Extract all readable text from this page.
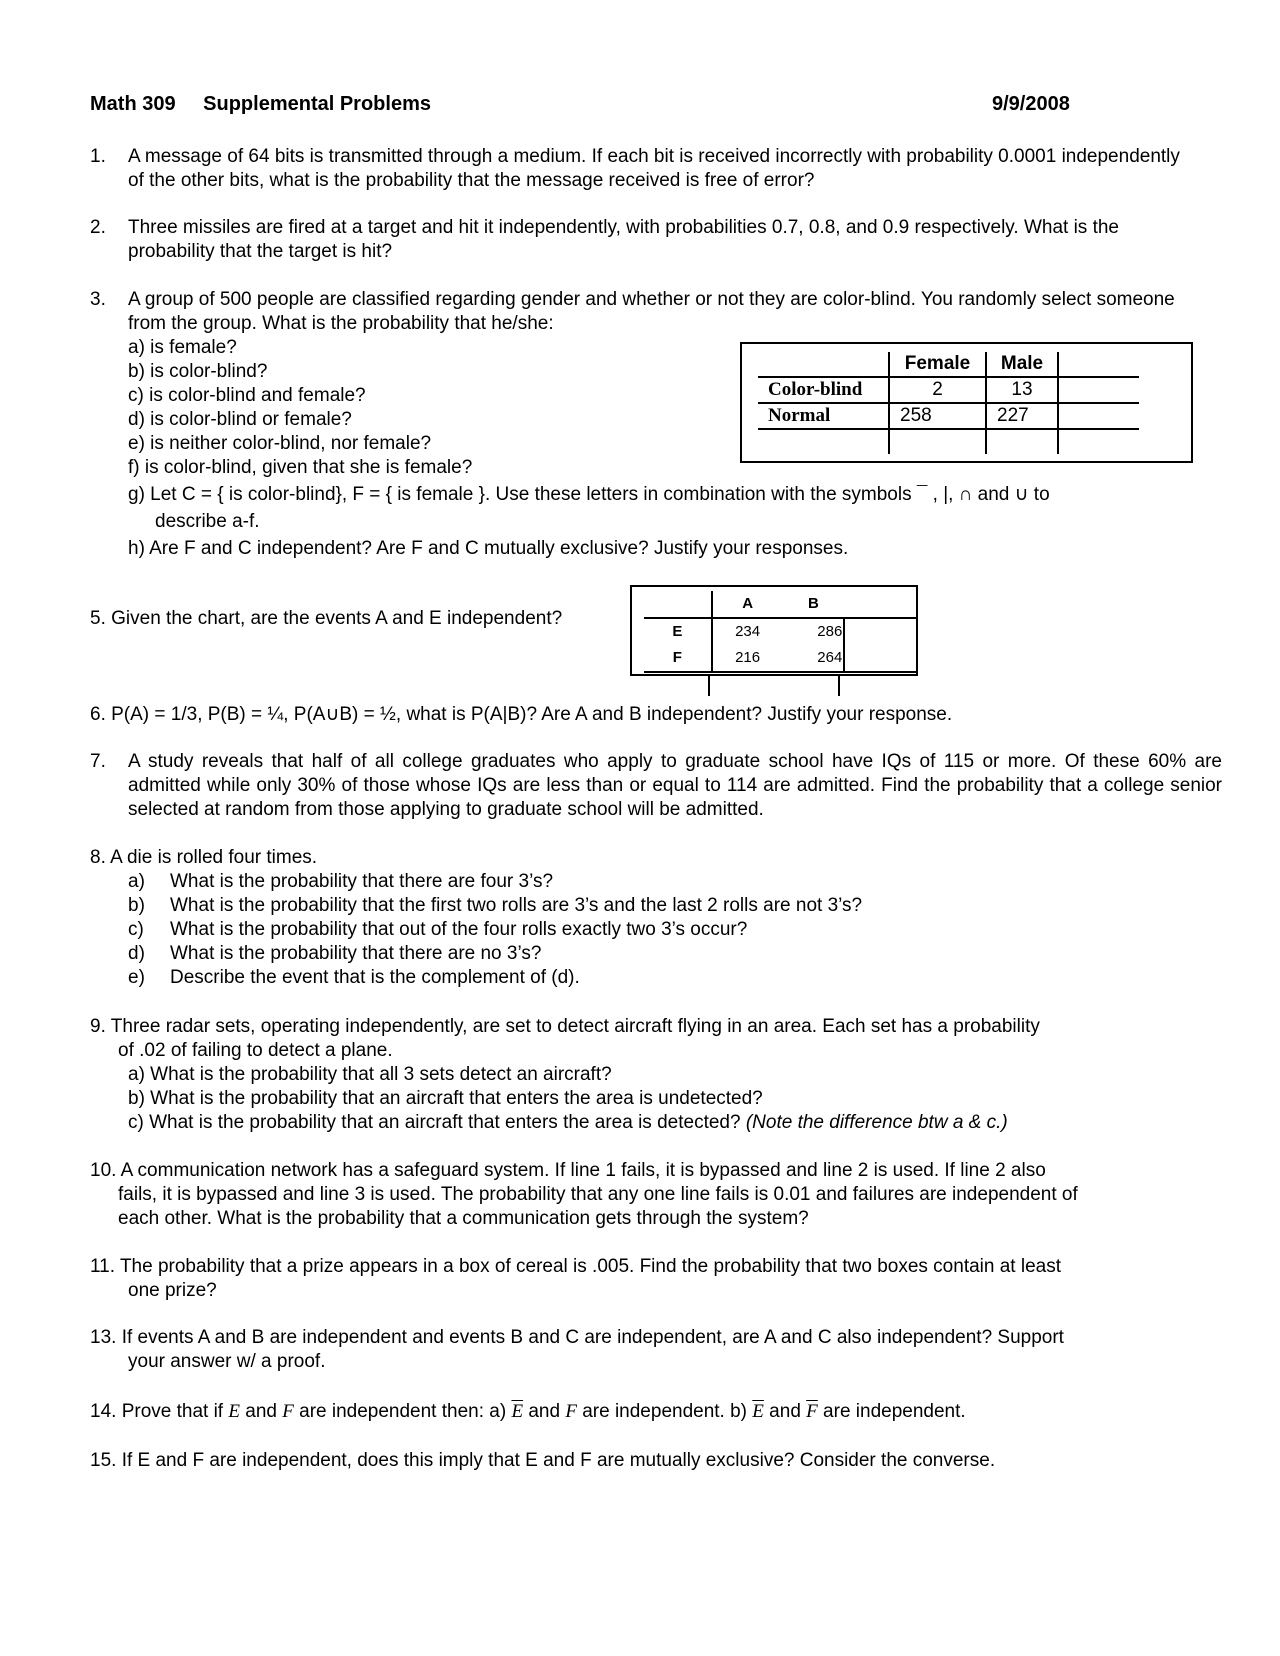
Math 309 Supplemental Problems	9/9/2008
1. A message of 64 bits is transmitted through a medium. If each bit is received incorrectly with probability 0.0001 independently of the other bits, what is the probability that the message received is free of error?
2. Three missiles are fired at a target and hit it independently, with probabilities 0.7, 0.8, and 0.9 respectively. What is the probability that the target is hit?
3. A group of 500 people are classified regarding gender and whether or not they are color-blind. You randomly select someone from the group. What is the probability that he/she:
a) is female?
b) is color-blind?
c) is color-blind and female?
d) is color-blind or female?
e) is neither color-blind, nor female?
f) is color-blind, given that she is female?
g) Let C = { is color-blind}, F = { is female }. Use these letters in combination with the symbols ¯ , |, ∩ and ∪ to
describe a-f.
h) Are F and C independent? Are F and C mutually exclusive? Justify your responses.
	Female	Male	
Color-blind	2	13	
Normal	258	227	

5. Given the chart, are the events A and E independent?
	A	B	
E	234	286	
F	216	264	
6. P(A) = 1/3, P(B) = ¼, P(A∪B) = ½, what is P(A|B)? Are A and B independent? Justify your response.
7. A study reveals that half of all college graduates who apply to graduate school have IQs of 115 or more. Of these 60% are admitted while only 30% of those whose IQs are less than or equal to 114 are admitted. Find the probability that a college senior selected at random from those applying to graduate school will be admitted.
8. A die is rolled four times.
a) What is the probability that there are four 3’s?
b) What is the probability that the first two rolls are 3’s and the last 2 rolls are not 3’s?
c) What is the probability that out of the four rolls exactly two 3’s occur?
d) What is the probability that there are no 3’s?
e) Describe the event that is the complement of (d).
9. Three radar sets, operating independently, are set to detect aircraft flying in an area. Each set has a probability
of .02 of failing to detect a plane.
a) What is the probability that all 3 sets detect an aircraft?
b) What is the probability that an aircraft that enters the area is undetected?
c) What is the probability that an aircraft that enters the area is detected? (Note the difference btw a & c.)
10. A communication network has a safeguard system. If line 1 fails, it is bypassed and line 2 is used. If line 2 also
fails, it is bypassed and line 3 is used. The probability that any one line fails is 0.01 and failures are independent of
each other. What is the probability that a communication gets through the system?
11. The probability that a prize appears in a box of cereal is .005. Find the probability that two boxes contain at least
one prize?
13. If events A and B are independent and events B and C are independent, are A and C also independent? Support
your answer w/ a proof.
14. Prove that if E and F are independent then: a) $\overline{E}$ and F are independent. b) $\overline{E}$ and $\overline{F}$ are independent.
15. If E and F are independent, does this imply that E and F are mutually exclusive? Consider the converse.
